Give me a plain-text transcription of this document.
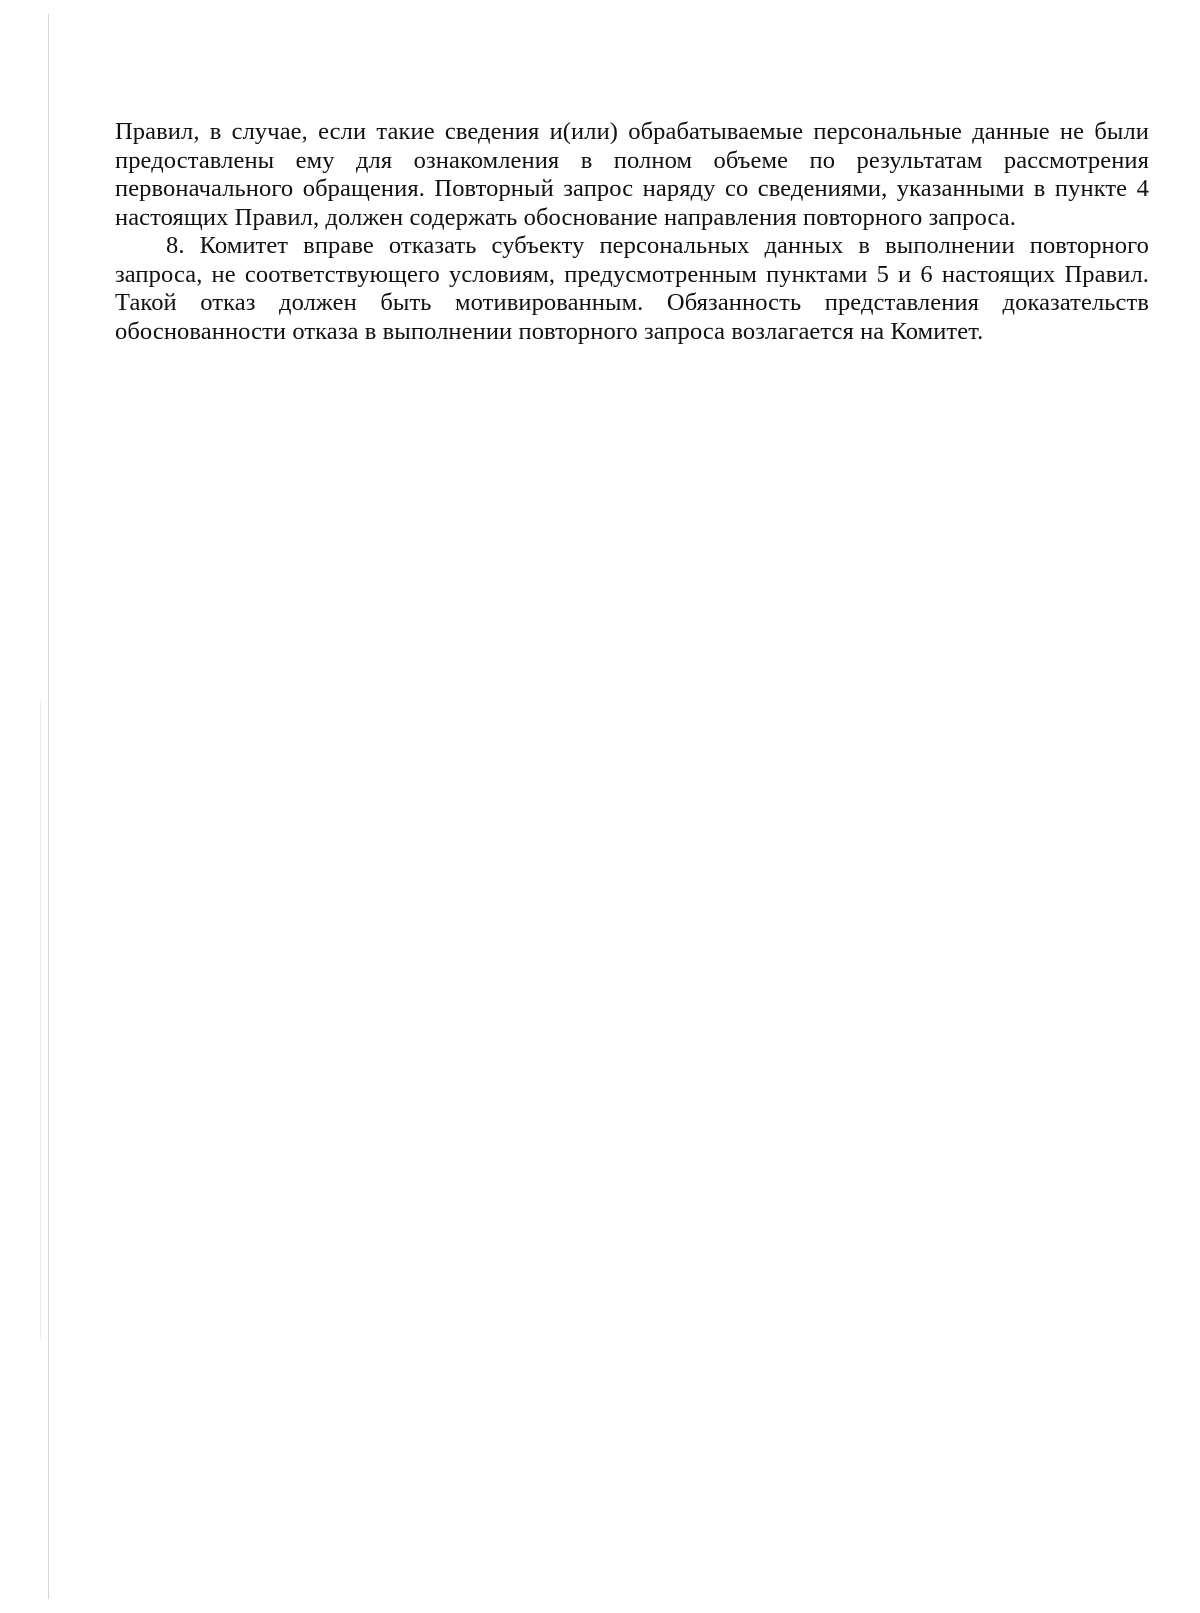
Правил, в случае, если такие сведения и(или) обрабатываемые персональные данные не были предоставлены ему для ознакомления в полном объеме по результатам рассмотрения первоначального обращения. Повторный запрос наряду со сведениями, указанными в пункте 4 настоящих Правил, должен содержать обоснование направления повторного запроса.

8. Комитет вправе отказать субъекту персональных данных в выполнении повторного запроса, не соответствующего условиям, предусмотренным пунктами 5 и 6 настоящих Правил. Такой отказ должен быть мотивированным. Обязанность представления доказательств обоснованности отказа в выполнении повторного запроса возлагается на Комитет.
